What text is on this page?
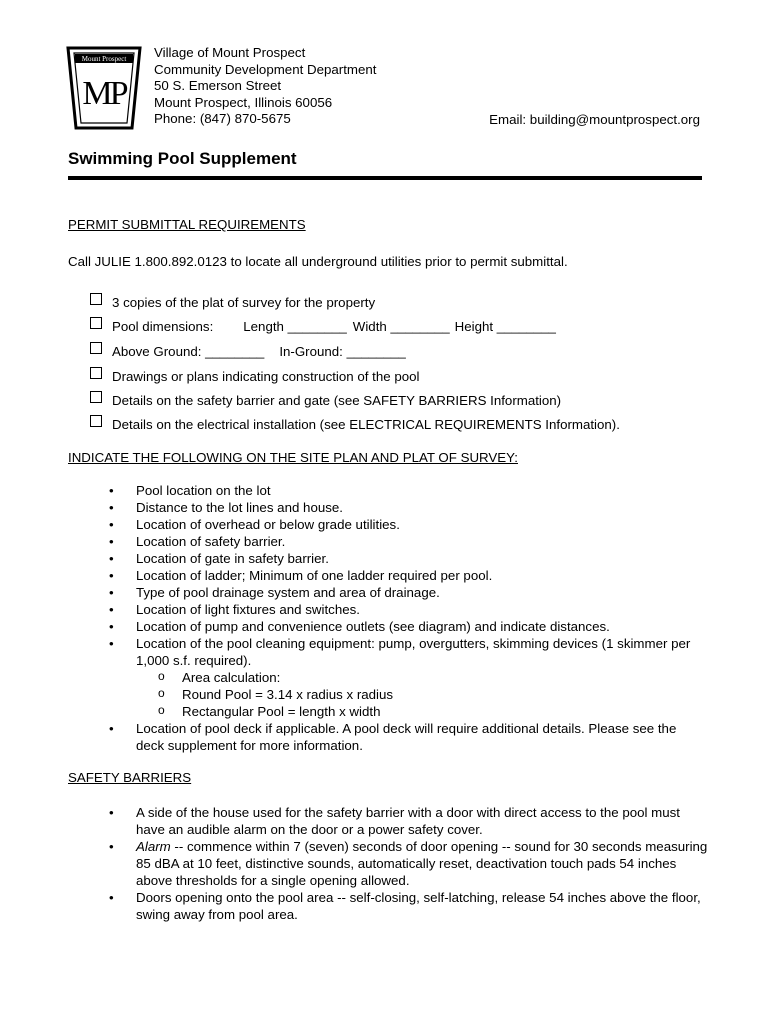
Mount Prospect
MP
Village of Mount Prospect
Community Development Department
50 S. Emerson Street
Mount Prospect, Illinois 60056
Phone: (847) 870-5675	Email: building@mountprospect.org
Swimming Pool Supplement
PERMIT SUBMITTAL REQUIREMENTS
Call JULIE 1.800.892.0123 to locate all underground utilities prior to permit submittal.
3 copies of the plat of survey for the property
Pool dimensions: Length ________ Width ________ Height ________
Above Ground: ________ In-Ground: ________
Drawings or plans indicating construction of the pool
Details on the safety barrier and gate (see SAFETY BARRIERS Information)
Details on the electrical installation (see ELECTRICAL REQUIREMENTS Information).
INDICATE THE FOLLOWING ON THE SITE PLAN AND PLAT OF SURVEY:
• Pool location on the lot
• Distance to the lot lines and house.
• Location of overhead or below grade utilities.
• Location of safety barrier.
• Location of gate in safety barrier.
• Location of ladder; Minimum of one ladder required per pool.
• Type of pool drainage system and area of drainage.
• Location of light fixtures and switches.
• Location of pump and convenience outlets (see diagram) and indicate distances.
• Location of the pool cleaning equipment: pump, overgutters, skimming devices (1 skimmer per 1,000 s.f. required).
o Area calculation:
o Round Pool = 3.14 x radius x radius
o Rectangular Pool = length x width
• Location of pool deck if applicable. A pool deck will require additional details. Please see the deck supplement for more information.
SAFETY BARRIERS
• A side of the house used for the safety barrier with a door with direct access to the pool must have an audible alarm on the door or a power safety cover.
• Alarm -- commence within 7 (seven) seconds of door opening -- sound for 30 seconds measuring 85 dBA at 10 feet, distinctive sounds, automatically reset, deactivation touch pads 54 inches above thresholds for a single opening allowed.
• Doors opening onto the pool area -- self-closing, self-latching, release 54 inches above the floor, swing away from pool area.
